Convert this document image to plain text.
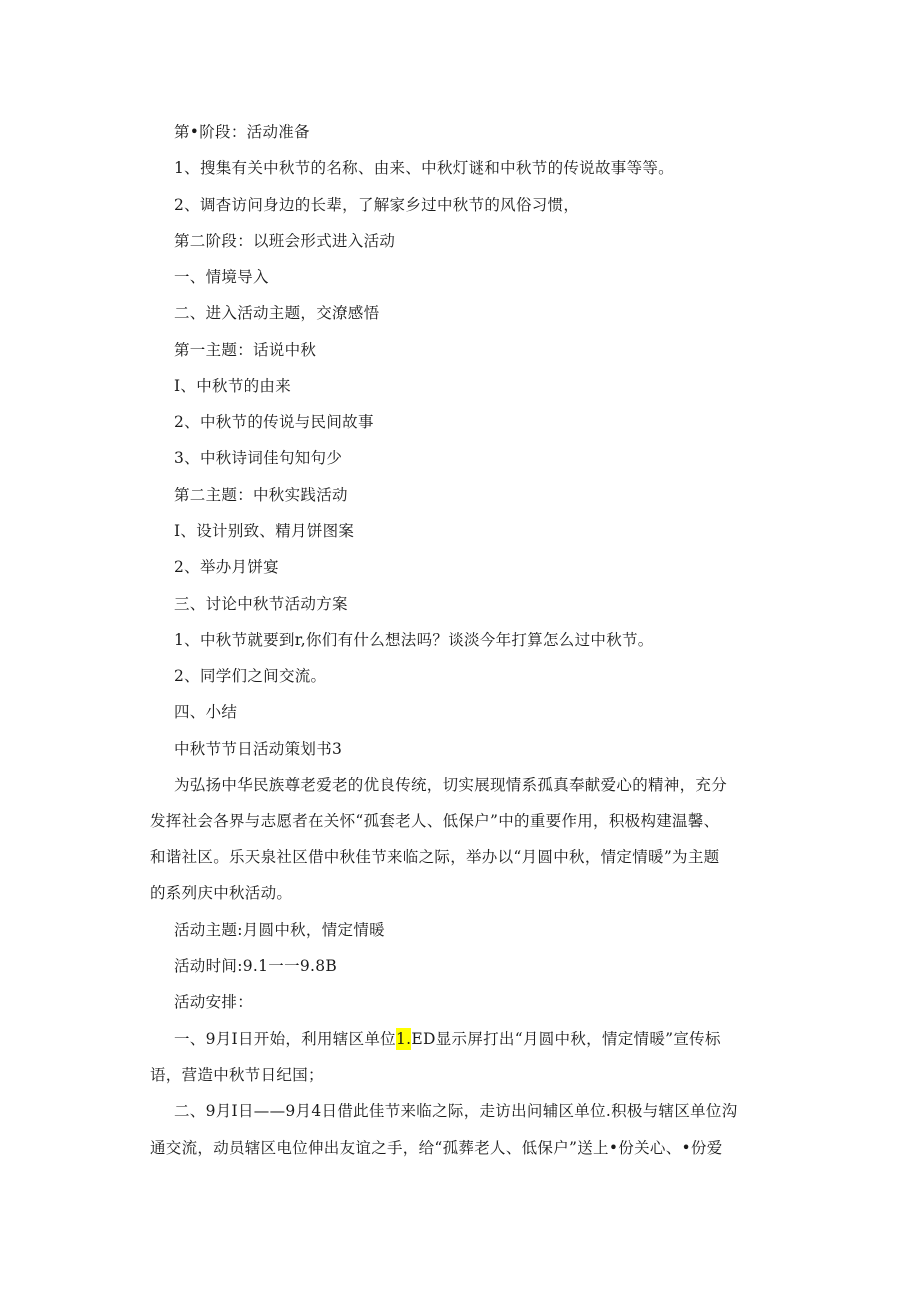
第•阶段：活动准备
1、搜集有关中秋节的名称、由来、中秋灯谜和中秋节的传说故事等等。
2、调杳访问身边的长辈，了解家乡过中秋节的风俗习惯，
第二阶段：以班会形式进入活动
一、情境导入
二、进入活动主题，交潦感悟
第一主题：话说中秋
I、中秋节的由来
2、中秋节的传说与民间故事
3、中秋诗词佳句知句少
第二主题：中秋实践活动
I、设计别致、精月饼图案
2、举办月饼宴
三、讨论中秋节活动方案
1、中秋节就要到r,你们有什么想法吗？谈淡今年打算怎么过中秋节。
2、同学们之间交流。
四、小结
中秋节节日活动策划书3
为弘扬中华民族尊老爱老的优良传统，切实展现情系孤真奉献爱心的精神，充分
发挥社会各界与志愿者在关怀“孤套老人、低保户”中的重要作用，积极构建温馨、
和谐社区。乐天泉社区借中秋佳节来临之际，举办以“月圆中秋，情定情暖”为主题
的系列庆中秋活动。
活动主题:月圆中秋，情定情暖
活动时间:9.1一一9.8B
活动安排：
一、9月I日开始，利用辖区单位1.ED显示屏打出“月圆中秋，情定情暖”宣传标
语，营造中秋节日纪国；
二、9月I日——9月4日借此佳节来临之际，走访出问辅区单位.积极与辖区单位沟
通交流，动员辖区电位伸出友谊之手，给“孤葬老人、低保户”送上•份关心、•份爱
